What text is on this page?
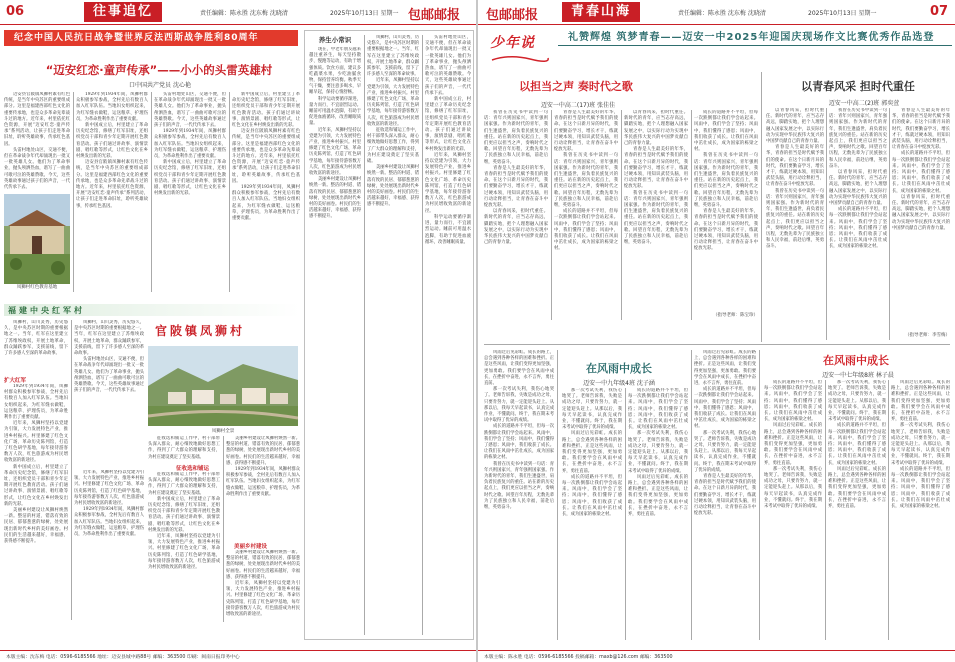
往事追忆
06	责任编辑：陈永胜 沈东梅 沈晓清	2025年10月13日 星期一 包邮邮报
纪念中国人民抗日战争暨世界反法西斯战争胜利80周年
“迈安红恋·童声传承”——小小的头雷英雄村
口中国共产党员 沈心艳

迈安县官陂镇凤狮村素有红色传统，是当年中央苏区的重要组成部分。这里是福建西部红色文化的重要传承地，也是众多革命先辈战斗过的地方。近年来，村里依托红色资源，开展“迈安红恋·童声传承”系列活动，让孩子们走进革命旧址，聆听英雄故事，传承红色基因。

头雷村地处山区，交通不便，但在革命战争年代却涌现出一批又一批英雄儿女。他们为了革命事业，抛头颅洒热血，谱写了一曲曲可歌可泣的英雄赞歌。今天，这些英雄故事通过孩子们的声音，一代代传承下去。

凤狮村红色教育基地

1929年到1934年间，凤狮村群众积极参军参战，全村先后有数百人加入红军队伍。当地妇女组织起来，为红军缝衣做鞋、运送粮草、护理伤员，为革命胜利作出了重要贡献。

新中国成立后，村里建立了革命历史纪念馆，修缮了红军旧址，还组织党员干部和青少年定期开展红色教育活动。孩子们通过讲故事、演情景剧、唱红歌等形式，让红色文化在乡村焕发出新的光彩。

迈安县官陂镇凤狮村素有红色传统，是当年中央苏区的重要组成部分。这里是福建西部红色文化的重要传承地，也是众多革命先辈战斗过的地方。近年来，村里依托红色资源，开展“迈安红恋·童声传承”系列活动，让孩子们走进革命旧址，聆听英雄故事，传承红色基因。

头雷村地处山区，交通不便，但在革命战争年代却涌现出一批又一批英雄儿女。他们为了革命事业，抛头颅洒热血，谱写了一曲曲可歌可泣的英雄赞歌。今天，这些英雄故事通过孩子们的声音，一代代传承下去。

1929年到1934年间，凤狮村群众积极参军参战，全村先后有数百人加入红军队伍。当地妇女组织起来，为红军缝衣做鞋、运送粮草、护理伤员，为革命胜利作出了重要贡献。

新中国成立后，村里建立了革命历史纪念馆，修缮了红军旧址，还组织党员干部和青少年定期开展红色教育活动。孩子们通过讲故事、演情景剧、唱红歌等形式，让红色文化在乡村焕发出新的光彩。

新中国成立后，村里建立了革命历史纪念馆，修缮了红军旧址，还组织党员干部和青少年定期开展红色教育活动。孩子们通过讲故事、演情景剧、唱红歌等形式，让红色文化在乡村焕发出新的光彩。

迈安县官陂镇凤狮村素有红色传统，是当年中央苏区的重要组成部分。这里是福建西部红色文化的重要传承地，也是众多革命先辈战斗过的地方。近年来，村里依托红色资源，开展“迈安红恋·童声传承”系列活动，让孩子们走进革命旧址，聆听英雄故事，传承红色基因。

1929年到1934年间，凤狮村群众积极参军参战，全村先后有数百人加入红军队伍。当地妇女组织起来，为红军缝衣做鞋、运送粮草、护理伤员，为革命胜利作出了重要贡献。

养生小常识

现在，中老年朋友越来越注重养生，每天坚持散步、慢跑等运动，有助于增强体质。饮食方面，建议多吃蔬菜水果，少吃油腻食物，保持营养均衡。秋季天气干燥，要注意多喝水，早睡早起，保持心情舒畅。

科学运动要循序渐进，量力而行，不宜剧烈运动。睡前可用温水泡脚，有助于促进血液循环，改善睡眠质量。

近年来，凤狮村坚持以党建为引领，大力发展特色产业，推进乡村振兴。村里修建了红色文化广场、革命历史陈列馆，打造了红色研学基地，每年接待游客数万人次，红色旅游成为村民增收致富的新途径。

美丽乡村建设让凤狮村焕然一新。整洁的村道、错落有致的民居、郁郁葱葱的绿树，处处展现出新时代乡村的美好画卷。村民们的生活越来越好，幸福感、获得感不断提升。

凤狮村，山川灵秀，历史悠久，是中央苏区时期的重要根据地之一。当年，红军在这里建立了苏维埃政权，开展土地革命，群众踊跃参军，支援前线，留下了许多感人至深的革命故事。

近年来，凤狮村坚持以党建为引领，大力发展特色产业，推进乡村振兴。村里修建了红色文化广场、革命历史陈列馆，打造了红色研学基地，每年接待游客数万人次，红色旅游成为村民增收致富的新途径。

征收选和铺运工作中，村干部带头深入群众，耐心细致地做好思想工作，得到了广大群众的理解和支持，为村庄建设奠定了坚实基础。

美丽乡村建设让凤狮村焕然一新。整洁的村道、错落有致的民居、郁郁葱葱的绿树，处处展现出新时代乡村的美好画卷。村民们的生活越来越好，幸福感、获得感不断提升。

头雷村地处山区，交通不便，但在革命战争年代却涌现出一批又一批英雄儿女。他们为了革命事业，抛头颅洒热血，谱写了一曲曲可歌可泣的英雄赞歌。今天，这些英雄故事通过孩子们的声音，一代代传承下去。

新中国成立后，村里建立了革命历史纪念馆，修缮了红军旧址，还组织党员干部和青少年定期开展红色教育活动。孩子们通过讲故事、演情景剧、唱红歌等形式，让红色文化在乡村焕发出新的光彩。

近年来，凤狮村坚持以党建为引领，大力发展特色产业，推进乡村振兴。村里修建了红色文化广场、革命历史陈列馆，打造了红色研学基地，每年接待游客数万人次，红色旅游成为村民增收致富的新途径。

科学运动要循序渐进，量力而行，不宜剧烈运动。睡前可用温水泡脚，有助于促进血液循环，改善睡眠质量。

福建中央红军村

凤狮村，山川灵秀，历史悠久，是中央苏区时期的重要根据地之一。当年，红军在这里建立了苏维埃政权，开展土地革命，群众踊跃参军，支援前线，留下了许多感人至深的革命故事。

扩大红军

1929年到1934年间，凤狮村群众积极参军参战，全村先后有数百人加入红军队伍。当地妇女组织起来，为红军缝衣做鞋、运送粮草、护理伤员，为革命胜利作出了重要贡献。

近年来，凤狮村坚持以党建为引领，大力发展特色产业，推进乡村振兴。村里修建了红色文化广场、革命历史陈列馆，打造了红色研学基地，每年接待游客数万人次，红色旅游成为村民增收致富的新途径。

新中国成立后，村里建立了革命历史纪念馆，修缮了红军旧址，还组织党员干部和青少年定期开展红色教育活动。孩子们通过讲故事、演情景剧、唱红歌等形式，让红色文化在乡村焕发出新的光彩。

美丽乡村建设让凤狮村焕然一新。整洁的村道、错落有致的民居、郁郁葱葱的绿树，处处展现出新时代乡村的美好画卷。村民们的生活越来越好，幸福感、获得感不断提升。

官陂镇凤狮村

凤狮村，山川灵秀，历史悠久，是中央苏区时期的重要根据地之一。当年，红军在这里建立了苏维埃政权，开展土地革命，群众踊跃参军，支援前线，留下了许多感人至深的革命故事。

头雷村地处山区，交通不便，但在革命战争年代却涌现出一批又一批英雄儿女。他们为了革命事业，抛头颅洒热血，谱写了一曲曲可歌可泣的英雄赞歌。今天，这些英雄故事通过孩子们的声音，一代代传承下去。

近年来，凤狮村坚持以党建为引领，大力发展特色产业，推进乡村振兴。村里修建了红色文化广场、革命历史陈列馆，打造了红色研学基地，每年接待游客数万人次，红色旅游成为村民增收致富的新途径。

1929年到1934年间，凤狮村群众积极参军参战，全村先后有数百人加入红军队伍。当地妇女组织起来，为红军缝衣做鞋、运送粮草、护理伤员，为革命胜利作出了重要贡献。

凤狮村全景

征收选和铺运工作中，村干部带头深入群众，耐心细致地做好思想工作，得到了广大群众的理解和支持，为村庄建设奠定了坚实基础。

征收选和铺运

征收选和铺运工作中，村干部带头深入群众，耐心细致地做好思想工作，得到了广大群众的理解和支持，为村庄建设奠定了坚实基础。

新中国成立后，村里建立了革命历史纪念馆，修缮了红军旧址，还组织党员干部和青少年定期开展红色教育活动。孩子们通过讲故事、演情景剧、唱红歌等形式，让红色文化在乡村焕发出新的光彩。

近年来，凤狮村坚持以党建为引领，大力发展特色产业，推进乡村振兴。村里修建了红色文化广场、革命历史陈列馆，打造了红色研学基地，每年接待游客数万人次，红色旅游成为村民增收致富的新途径。

美丽乡村建设让凤狮村焕然一新。整洁的村道、错落有致的民居、郁郁葱葱的绿树，处处展现出新时代乡村的美好画卷。村民们的生活越来越好，幸福感、获得感不断提升。

1929年到1934年间，凤狮村群众积极参军参战，全村先后有数百人加入红军队伍。当地妇女组织起来，为红军缝衣做鞋、运送粮草、护理伤员，为革命胜利作出了重要贡献。

美丽乡村建设

美丽乡村建设让凤狮村焕然一新。整洁的村道、错落有致的民居、郁郁葱葱的绿树，处处展现出新时代乡村的美好画卷。村民们的生活越来越好，幸福感、获得感不断提升。

近年来，凤狮村坚持以党建为引领，大力发展特色产业，推进乡村振兴。村里修建了红色文化广场、革命历史陈列馆，打造了红色研学基地，每年接待游客数万人次，红色旅游成为村民增收致富的新途径。

本版主编：沈东梅 电话：0596-6185566 地址：迈安县城中路88号 邮编：363500 印刷：闽南日报印务中心
包邮邮报	青春山海	责任编辑：陈永胜 沈东梅 沈晓清	2025年10月13日 星期一	07
少年说	礼赞辉煌 筑梦青春——迈安一中2025年迎国庆现场作文比赛优秀作品选登
以担当之声 奏时代之歌
迈安一中高二(17)班 张佳佳

我曾在历史书中读到一句话：青年兴则国家兴，青年强则国家强。作为新时代的青年，我们生逢盛世，肩负着民族复兴的重任。站在新的历史起点上，我们更应以担当之声，奏响时代之歌。回望百年历程，无数先辈为了民族独立和人民幸福，前赴后继，英勇奋斗。

青春是人生最美好的年华，青春的担当是时代赋予我们的使命。在这个日新月异的时代，我们要勤奋学习，增长才干，练就过硬本领，用知识武装头脑，用行动诠释担当，让青春在奋斗中绽放光彩。

以青春风采，担时代重任。新时代的青年，应当志存高远，脚踏实地，把个人理想融入国家发展之中，以实际行动为实现中华民族伟大复兴的中国梦贡献自己的青春力量。

青春是人生最美好的年华，青春的担当是时代赋予我们的使命。在这个日新月异的时代，我们要勤奋学习，增长才干，练就过硬本领，用知识武装头脑，用行动诠释担当，让青春在奋斗中绽放光彩。

我曾在历史书中读到一句话：青年兴则国家兴，青年强则国家强。作为新时代的青年，我们生逢盛世，肩负着民族复兴的重任。站在新的历史起点上，我们更应以担当之声，奏响时代之歌。回望百年历程，无数先辈为了民族独立和人民幸福，前赴后继，英勇奋斗。

成长的道路并不平坦，但每一次跌倒都让我们学会站起来。风雨中，我们学会了坚持；风雨中，我们懂得了感恩；风雨中，我们收获了成长。让我们在风雨中茁壮成长，成为国家的栋梁之材。

以青春风采，担时代重任。新时代的青年，应当志存高远，脚踏实地，把个人理想融入国家发展之中，以实际行动为实现中华民族伟大复兴的中国梦贡献自己的青春力量。

青春是人生最美好的年华，青春的担当是时代赋予我们的使命。在这个日新月异的时代，我们要勤奋学习，增长才干，练就过硬本领，用知识武装头脑，用行动诠释担当，让青春在奋斗中绽放光彩。

我曾在历史书中读到一句话：青年兴则国家兴，青年强则国家强。作为新时代的青年，我们生逢盛世，肩负着民族复兴的重任。站在新的历史起点上，我们更应以担当之声，奏响时代之歌。回望百年历程，无数先辈为了民族独立和人民幸福，前赴后继，英勇奋斗。

成长的道路并不平坦，但每一次跌倒都让我们学会站起来。风雨中，我们学会了坚持；风雨中，我们懂得了感恩；风雨中，我们收获了成长。让我们在风雨中茁壮成长，成为国家的栋梁之材。

我曾在历史书中读到一句话：青年兴则国家兴，青年强则国家强。作为新时代的青年，我们生逢盛世，肩负着民族复兴的重任。站在新的历史起点上，我们更应以担当之声，奏响时代之歌。回望百年历程，无数先辈为了民族独立和人民幸福，前赴后继，英勇奋斗。

青春是人生最美好的年华，青春的担当是时代赋予我们的使命。在这个日新月异的时代，我们要勤奋学习，增长才干，练就过硬本领，用知识武装头脑，用行动诠释担当，让青春在奋斗中绽放光彩。

（指导老师：陈宝珍）
以青春风采 担时代重任
迈安一中高二(2)班 郭奕萱

以青春风采，担时代重任。新时代的青年，应当志存高远，脚踏实地，把个人理想融入国家发展之中，以实际行动为实现中华民族伟大复兴的中国梦贡献自己的青春力量。

青春是人生最美好的年华，青春的担当是时代赋予我们的使命。在这个日新月异的时代，我们要勤奋学习，增长才干，练就过硬本领，用知识武装头脑，用行动诠释担当，让青春在奋斗中绽放光彩。

我曾在历史书中读到一句话：青年兴则国家兴，青年强则国家强。作为新时代的青年，我们生逢盛世，肩负着民族复兴的重任。站在新的历史起点上，我们更应以担当之声，奏响时代之歌。回望百年历程，无数先辈为了民族独立和人民幸福，前赴后继，英勇奋斗。

我曾在历史书中读到一句话：青年兴则国家兴，青年强则国家强。作为新时代的青年，我们生逢盛世，肩负着民族复兴的重任。站在新的历史起点上，我们更应以担当之声，奏响时代之歌。回望百年历程，无数先辈为了民族独立和人民幸福，前赴后继，英勇奋斗。

以青春风采，担时代重任。新时代的青年，应当志存高远，脚踏实地，把个人理想融入国家发展之中，以实际行动为实现中华民族伟大复兴的中国梦贡献自己的青春力量。

成长的道路并不平坦，但每一次跌倒都让我们学会站起来。风雨中，我们学会了坚持；风雨中，我们懂得了感恩；风雨中，我们收获了成长。让我们在风雨中茁壮成长，成为国家的栋梁之材。

青春是人生最美好的年华，青春的担当是时代赋予我们的使命。在这个日新月异的时代，我们要勤奋学习，增长才干，练就过硬本领，用知识武装头脑，用行动诠释担当，让青春在奋斗中绽放光彩。

成长的道路并不平坦，但每一次跌倒都让我们学会站起来。风雨中，我们学会了坚持；风雨中，我们懂得了感恩；风雨中，我们收获了成长。让我们在风雨中茁壮成长，成为国家的栋梁之材。

以青春风采，担时代重任。新时代的青年，应当志存高远，脚踏实地，把个人理想融入国家发展之中，以实际行动为实现中华民族伟大复兴的中国梦贡献自己的青春力量。

（指导老师：李雪梅）

风雨过后见彩虹。成长的路上，总会遇到各种各样的困难和挫折。正是这些风雨，让我们变得更加坚强，更加勇敢。我们要学会在风雨中成长，在挫折中奋进，永不言弃，勇往直前。

那一次考试失利，我伤心地哭了。老师告诉我，失败是成功之母，只要肯努力，就一定能迎头赶上。从那以后，我每天早起读书，认真完成作业，不懂就问。终于，我在期末考试中取得了优异的成绩。

成长的道路并不平坦，但每一次跌倒都让我们学会站起来。风雨中，我们学会了坚持；风雨中，我们懂得了感恩；风雨中，我们收获了成长。让我们在风雨中茁壮成长，成为国家的栋梁之材。

我曾在历史书中读到一句话：青年兴则国家兴，青年强则国家强。作为新时代的青年，我们生逢盛世，肩负着民族复兴的重任。站在新的历史起点上，我们更应以担当之声，奏响时代之歌。回望百年历程，无数先辈为了民族独立和人民幸福，前赴后继，英勇奋斗。

在风雨中成长
迈安一中九年级4班 沈子涵

那一次考试失利，我伤心地哭了。老师告诉我，失败是成功之母，只要肯努力，就一定能迎头赶上。从那以后，我每天早起读书，认真完成作业，不懂就问。终于，我在期末考试中取得了优异的成绩。

风雨过后见彩虹。成长的路上，总会遇到各种各样的困难和挫折。正是这些风雨，让我们变得更加坚强，更加勇敢。我们要学会在风雨中成长，在挫折中奋进，永不言弃，勇往直前。

成长的道路并不平坦，但每一次跌倒都让我们学会站起来。风雨中，我们学会了坚持；风雨中，我们懂得了感恩；风雨中，我们收获了成长。让我们在风雨中茁壮成长，成为国家的栋梁之材。

成长的道路并不平坦，但每一次跌倒都让我们学会站起来。风雨中，我们学会了坚持；风雨中，我们懂得了感恩；风雨中，我们收获了成长。让我们在风雨中茁壮成长，成为国家的栋梁之材。

那一次考试失利，我伤心地哭了。老师告诉我，失败是成功之母，只要肯努力，就一定能迎头赶上。从那以后，我每天早起读书，认真完成作业，不懂就问。终于，我在期末考试中取得了优异的成绩。

风雨过后见彩虹。成长的路上，总会遇到各种各样的困难和挫折。正是这些风雨，让我们变得更加坚强，更加勇敢。我们要学会在风雨中成长，在挫折中奋进，永不言弃，勇往直前。

风雨过后见彩虹。成长的路上，总会遇到各种各样的困难和挫折。正是这些风雨，让我们变得更加坚强，更加勇敢。我们要学会在风雨中成长，在挫折中奋进，永不言弃，勇往直前。

成长的道路并不平坦，但每一次跌倒都让我们学会站起来。风雨中，我们学会了坚持；风雨中，我们懂得了感恩；风雨中，我们收获了成长。让我们在风雨中茁壮成长，成为国家的栋梁之材。

那一次考试失利，我伤心地哭了。老师告诉我，失败是成功之母，只要肯努力，就一定能迎头赶上。从那以后，我每天早起读书，认真完成作业，不懂就问。终于，我在期末考试中取得了优异的成绩。

青春是人生最美好的年华，青春的担当是时代赋予我们的使命。在这个日新月异的时代，我们要勤奋学习，增长才干，练就过硬本领，用知识武装头脑，用行动诠释担当，让青春在奋斗中绽放光彩。

在风雨中成长
迈安一中七年级8班 林子晨

成长的道路并不平坦，但每一次跌倒都让我们学会站起来。风雨中，我们学会了坚持；风雨中，我们懂得了感恩；风雨中，我们收获了成长。让我们在风雨中茁壮成长，成为国家的栋梁之材。

风雨过后见彩虹。成长的路上，总会遇到各种各样的困难和挫折。正是这些风雨，让我们变得更加坚强，更加勇敢。我们要学会在风雨中成长，在挫折中奋进，永不言弃，勇往直前。

那一次考试失利，我伤心地哭了。老师告诉我，失败是成功之母，只要肯努力，就一定能迎头赶上。从那以后，我每天早起读书，认真完成作业，不懂就问。终于，我在期末考试中取得了优异的成绩。

那一次考试失利，我伤心地哭了。老师告诉我，失败是成功之母，只要肯努力，就一定能迎头赶上。从那以后，我每天早起读书，认真完成作业，不懂就问。终于，我在期末考试中取得了优异的成绩。

成长的道路并不平坦，但每一次跌倒都让我们学会站起来。风雨中，我们学会了坚持；风雨中，我们懂得了感恩；风雨中，我们收获了成长。让我们在风雨中茁壮成长，成为国家的栋梁之材。

风雨过后见彩虹。成长的路上，总会遇到各种各样的困难和挫折。正是这些风雨，让我们变得更加坚强，更加勇敢。我们要学会在风雨中成长，在挫折中奋进，永不言弃，勇往直前。

风雨过后见彩虹。成长的路上，总会遇到各种各样的困难和挫折。正是这些风雨，让我们变得更加坚强，更加勇敢。我们要学会在风雨中成长，在挫折中奋进，永不言弃，勇往直前。

那一次考试失利，我伤心地哭了。老师告诉我，失败是成功之母，只要肯努力，就一定能迎头赶上。从那以后，我每天早起读书，认真完成作业，不懂就问。终于，我在期末考试中取得了优异的成绩。

成长的道路并不平坦，但每一次跌倒都让我们学会站起来。风雨中，我们学会了坚持；风雨中，我们懂得了感恩；风雨中，我们收获了成长。让我们在风雨中茁壮成长，成为国家的栋梁之材。

本版主编：陈永胜 电话：0596-6185566 投稿邮箱：maxb@126.com 邮编：363500
